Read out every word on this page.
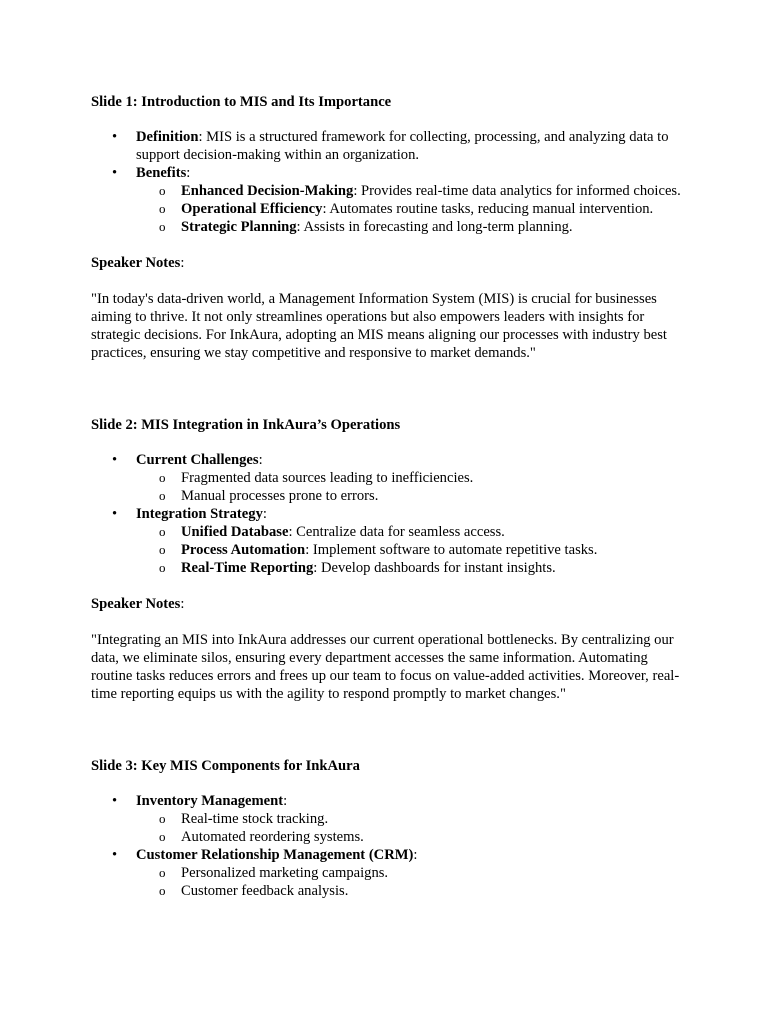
Slide 1: Introduction to MIS and Its Importance

• Definition: MIS is a structured framework for collecting, processing, and analyzing data to support decision-making within an organization.
• Benefits:
o Enhanced Decision-Making: Provides real-time data analytics for informed choices.
o Operational Efficiency: Automates routine tasks, reducing manual intervention.
o Strategic Planning: Assists in forecasting and long-term planning.

Speaker Notes:

"In today's data-driven world, a Management Information System (MIS) is crucial for businesses aiming to thrive. It not only streamlines operations but also empowers leaders with insights for strategic decisions. For InkAura, adopting an MIS means aligning our processes with industry best practices, ensuring we stay competitive and responsive to market demands."

Slide 2: MIS Integration in InkAura’s Operations

• Current Challenges:
o Fragmented data sources leading to inefficiencies.
o Manual processes prone to errors.
• Integration Strategy:
o Unified Database: Centralize data for seamless access.
o Process Automation: Implement software to automate repetitive tasks.
o Real-Time Reporting: Develop dashboards for instant insights.

Speaker Notes:

"Integrating an MIS into InkAura addresses our current operational bottlenecks. By centralizing our data, we eliminate silos, ensuring every department accesses the same information. Automating routine tasks reduces errors and frees up our team to focus on value-added activities. Moreover, real-time reporting equips us with the agility to respond promptly to market changes."

Slide 3: Key MIS Components for InkAura

• Inventory Management:
o Real-time stock tracking.
o Automated reordering systems.
• Customer Relationship Management (CRM):
o Personalized marketing campaigns.
o Customer feedback analysis.
